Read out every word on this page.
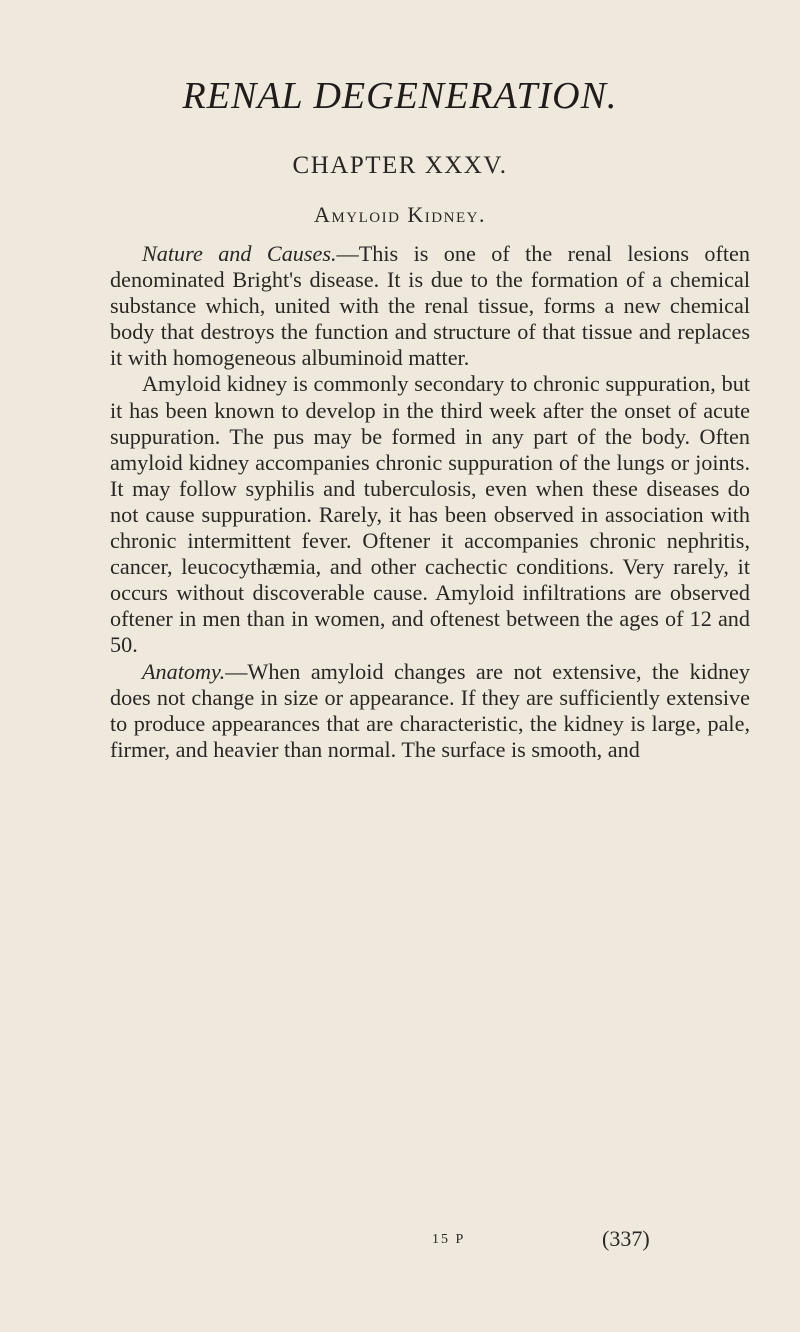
RENAL DEGENERATION.
CHAPTER XXXV.
Amyloid Kidney.

Nature and Causes.—This is one of the renal lesions often denominated Bright's disease. It is due to the formation of a chemical substance which, united with the renal tissue, forms a new chemical body that destroys the function and structure of that tissue and replaces it with homogeneous albuminoid matter.

Amyloid kidney is commonly secondary to chronic suppuration, but it has been known to develop in the third week after the onset of acute suppuration. The pus may be formed in any part of the body. Often amyloid kidney accompanies chronic suppuration of the lungs or joints. It may follow syphilis and tuberculosis, even when these diseases do not cause suppuration. Rarely, it has been observed in association with chronic intermittent fever. Oftener it accompanies chronic nephritis, cancer, leucocythæmia, and other cachectic conditions. Very rarely, it occurs without discoverable cause. Amyloid infiltrations are observed oftener in men than in women, and oftenest between the ages of 12 and 50.

Anatomy.—When amyloid changes are not extensive, the kidney does not change in size or appearance. If they are sufficiently extensive to produce appearances that are characteristic, the kidney is large, pale, firmer, and heavier than normal. The surface is smooth, and

15 P	(337)
